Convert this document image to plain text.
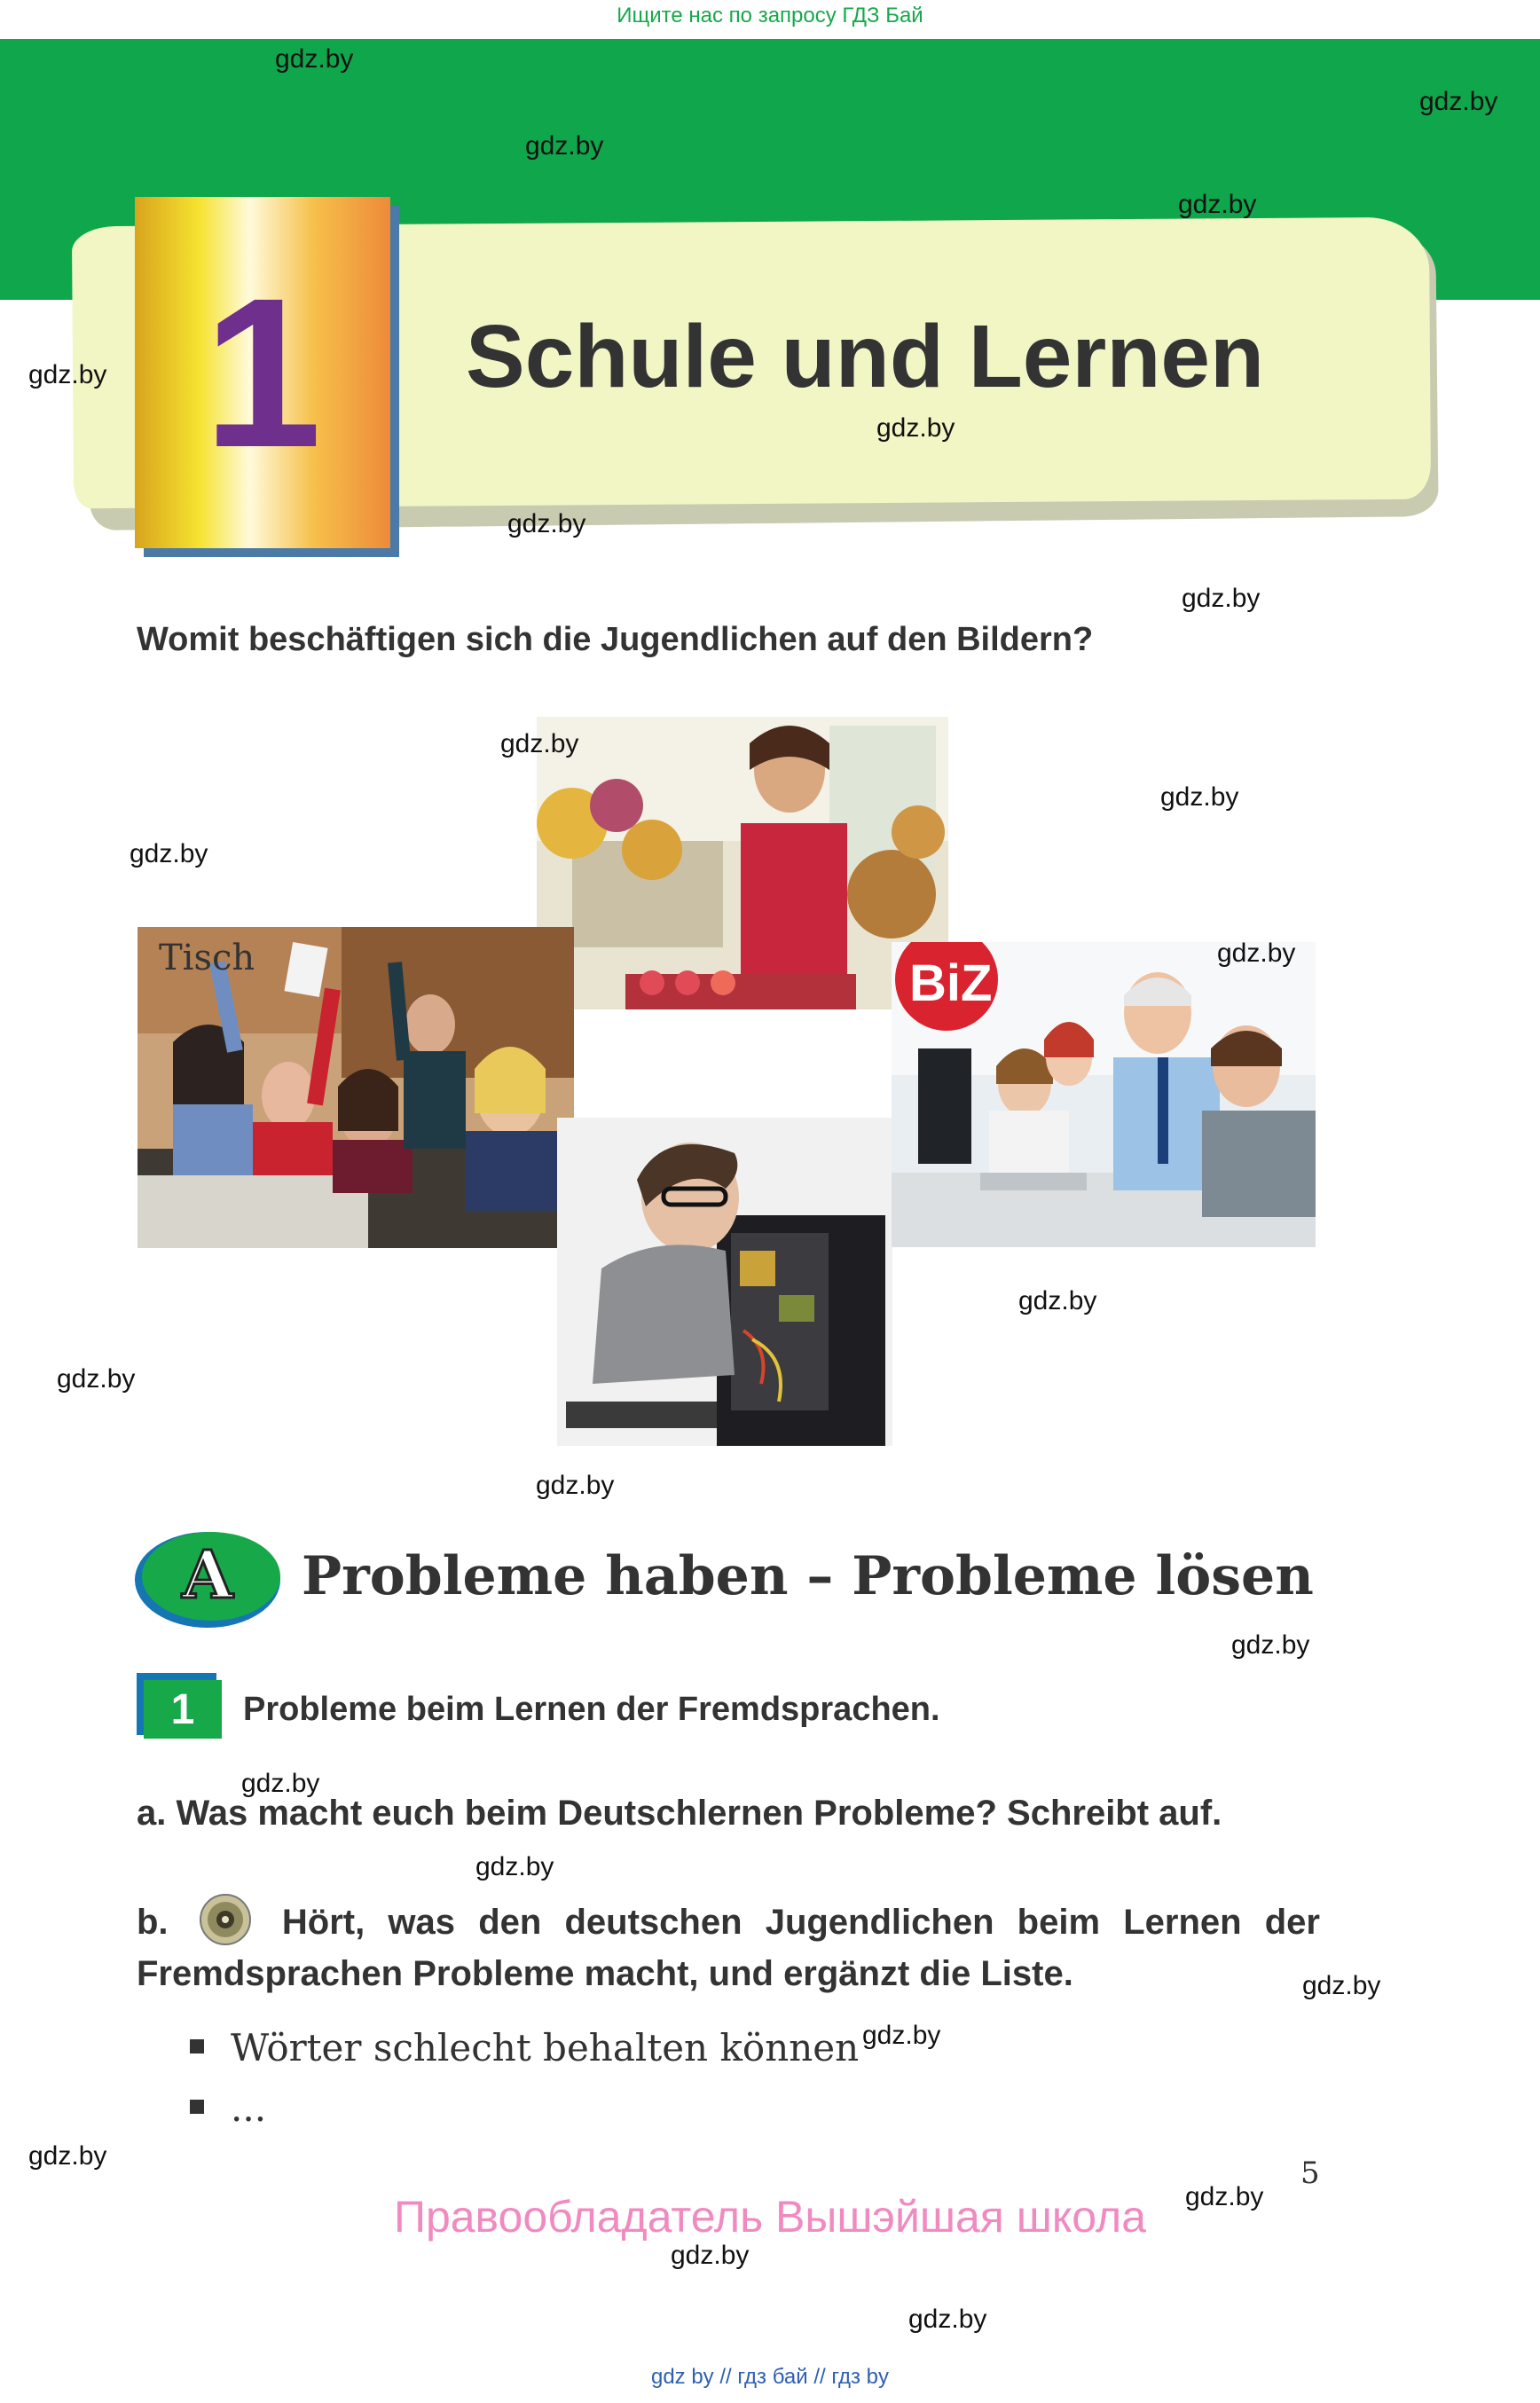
Ищите нас по запросу ГДЗ Бай
1	Schule und Lernen
Womit beschäftigen sich die Jugendlichen auf den Bildern?
Tisch	BiZ
A	Probleme haben – Probleme lösen
1	Probleme beim Lernen der Fremdsprachen.
a. Was macht euch beim Deutschlernen Probleme? Schreibt auf.
b.	Hört, was den deutschen Jugendlichen beim Lernen der Fremdsprachen Probleme macht, und ergänzt die Liste.
Wörter schlecht behalten können
...
5
Правообладатель Вышэйшая школа
gdz by // гдз бай // гдз by
gdz.by
gdz.by
gdz.by
gdz.by
gdz.by
gdz.by
gdz.by
gdz.by
gdz.by
gdz.by
gdz.by
gdz.by
gdz.by
gdz.by
gdz.by
gdz.by
gdz.by
gdz.by
gdz.by
gdz.by
gdz.by
gdz.by
gdz.by
gdz.by
